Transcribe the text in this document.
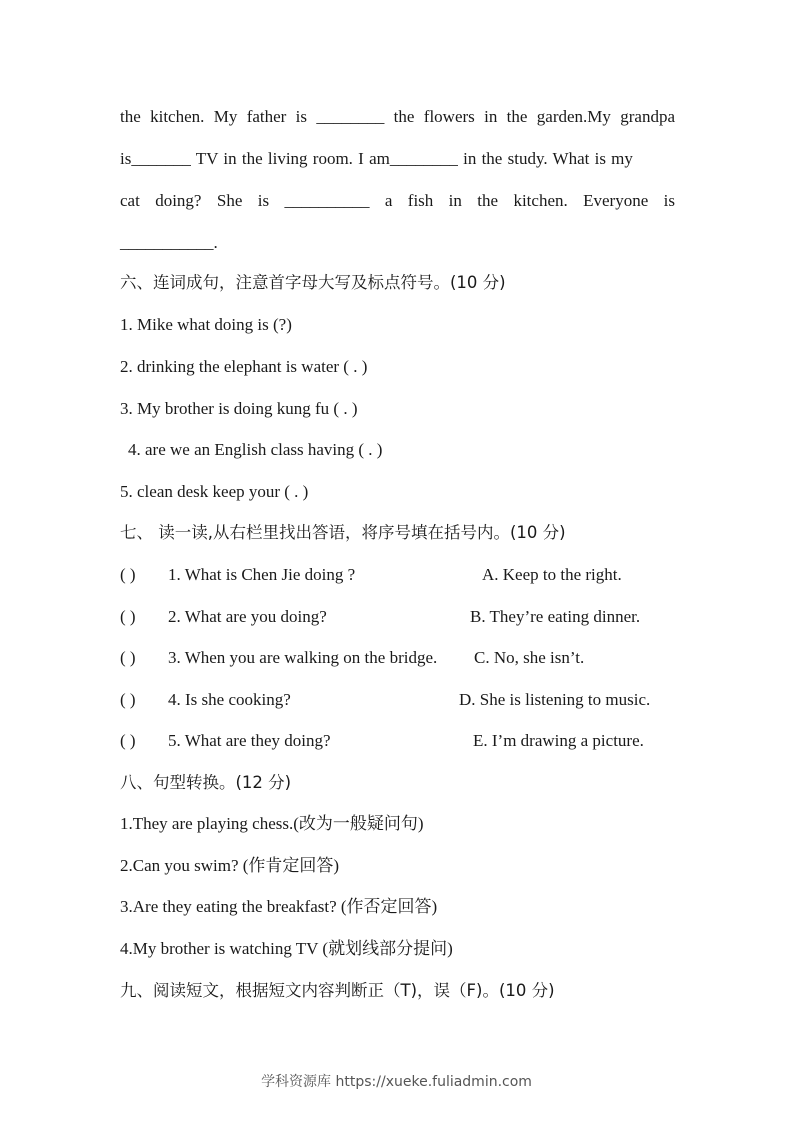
the kitchen. My father is ________ the flowers in the garden.My grandpa
is_______ TV in the living room. I am________ in the study. What is my
cat doing? She is __________ a fish in the kitchen. Everyone is
___________.
六、连词成句，注意首字母大写及标点符号。(10 分)
1. Mike what doing is (?)
2. drinking the elephant is water ( . )
3. My brother is doing kung fu ( . )
4. are we an English class having ( . )
5. clean desk keep your ( . )
七、 读一读,从右栏里找出答语，将序号填在括号内。(10 分)
( ) 1. What is Chen Jie doing ?	A. Keep to the right.
( ) 2. What are you doing?	B. They’re eating dinner.
( ) 3. When you are walking on the bridge. C. No, she isn’t.
( ) 4. Is she cooking?	D. She is listening to music.
( ) 5. What are they doing?	E. I’m drawing a picture.
八、句型转换。(12 分)
1.They are playing chess.(改为一般疑问句)
2.Can you swim? (作肯定回答)
3.Are they eating the breakfast? (作否定回答)
4.My brother is watching TV (就划线部分提问)
九、阅读短文，根据短文内容判断正（T)，误（F)。(10 分)
学科资源库 https://xueke.fuliadmin.com
